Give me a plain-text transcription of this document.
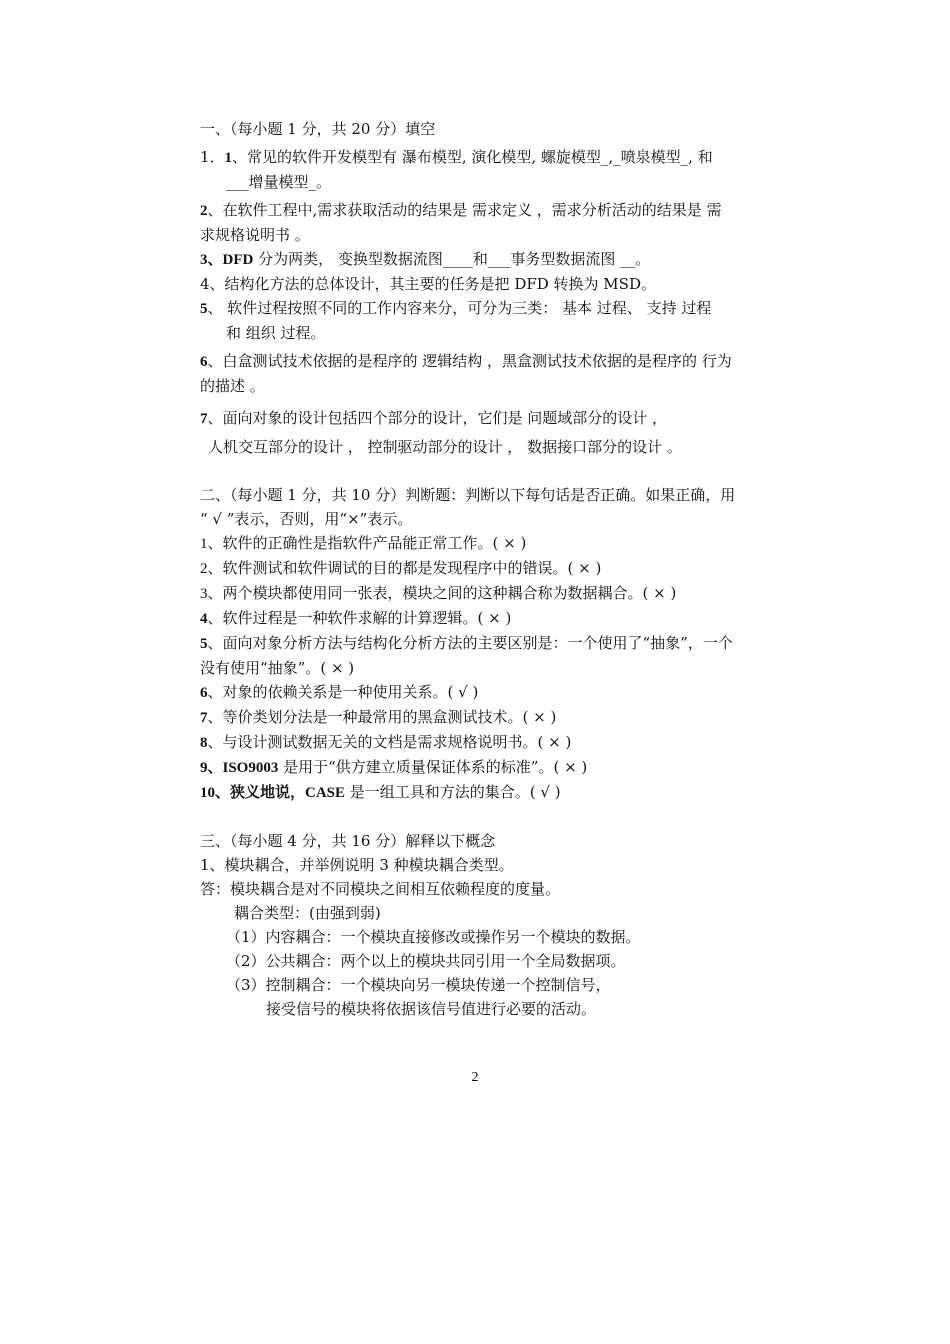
一、（每小题 1 分，共 20 分）填空

1．1、常见的软件开发模型有 瀑布模型, 演化模型, 螺旋模型_,_喷泉模型_, 和

___增量模型_。

2、在软件工程中,需求获取活动的结果是 需求定义 ，需求分析活动的结果是 需

求规格说明书 。

3、DFD 分为两类， 变换型数据流图____和___事务型数据流图 __。

4、结构化方法的总体设计，其主要的任务是把 DFD 转换为 MSD。

5、 软件过程按照不同的工作内容来分，可分为三类： 基本 过程、 支持 过程

和 组织 过程。

6、白盒测试技术依据的是程序的 逻辑结构 ，黑盒测试技术依据的是程序的 行为

的描述 。

7、面向对象的设计包括四个部分的设计，它们是 问题域部分的设计 ，

人机交互部分的设计 ， 控制驱动部分的设计 ， 数据接口部分的设计 。

二、（每小题 1 分，共 10 分）判断题：判断以下每句话是否正确。如果正确，用

“ √ ”表示，否则，用“×”表示。

1、软件的正确性是指软件产品能正常工作。( × )

2、软件测试和软件调试的目的都是发现程序中的错误。( × )

3、两个模块都使用同一张表，模块之间的这种耦合称为数据耦合。( × )

4、软件过程是一种软件求解的计算逻辑。( × )

5、面向对象分析方法与结构化分析方法的主要区别是：一个使用了“抽象”，一个

没有使用“抽象”。( × )

6、对象的依赖关系是一种使用关系。( √ )

7、等价类划分法是一种最常用的黑盒测试技术。( × )

8、与设计测试数据无关的文档是需求规格说明书。( × )

9、ISO9003 是用于“供方建立质量保证体系的标准”。( × )

10、狭义地说，CASE 是一组工具和方法的集合。( √ )

三、（每小题 4 分，共 16 分）解释以下概念

1、模块耦合，并举例说明 3 种模块耦合类型。

答：模块耦合是对不同模块之间相互依赖程度的度量。

耦合类型：(由强到弱)

（1）内容耦合：一个模块直接修改或操作另一个模块的数据。

（2）公共耦合：两个以上的模块共同引用一个全局数据项。

（3）控制耦合：一个模块向另一模块传递一个控制信号，

接受信号的模块将依据该信号值进行必要的活动。

2
